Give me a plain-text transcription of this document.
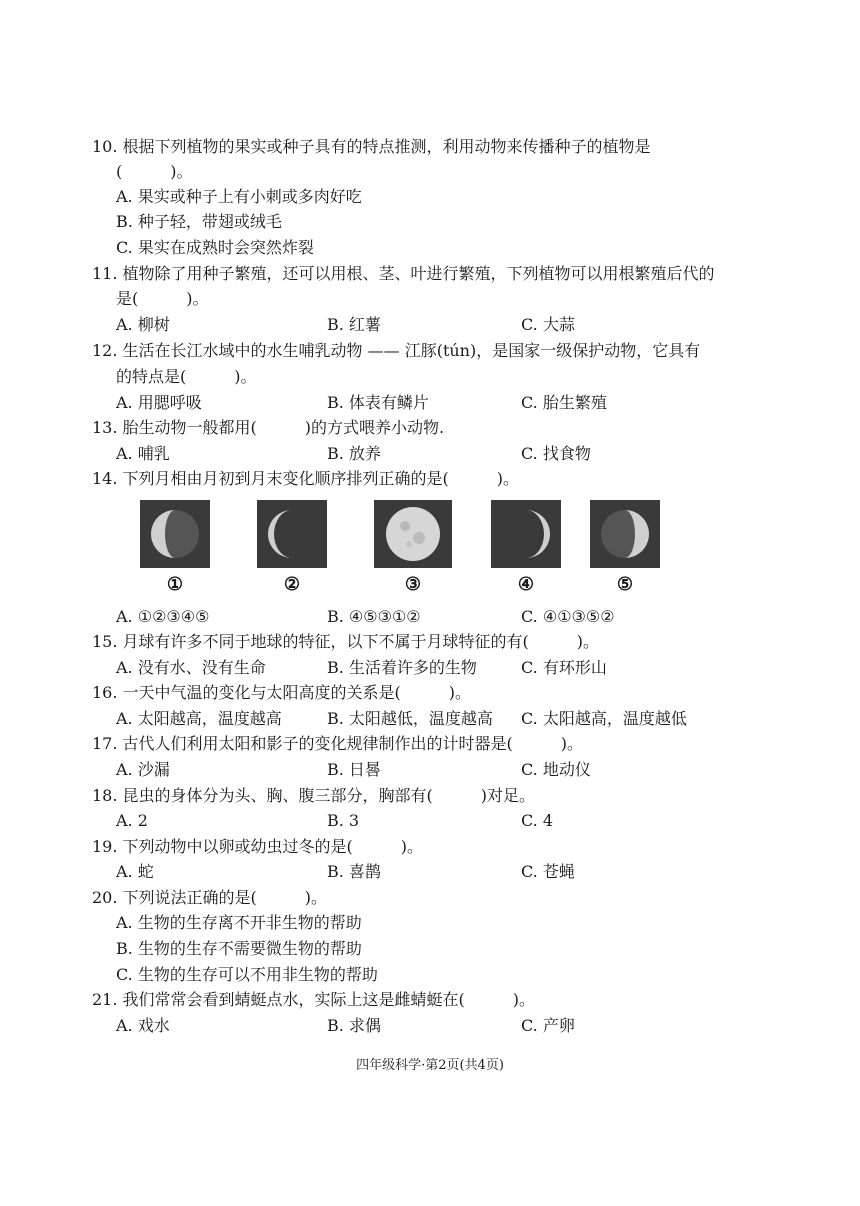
10. 根据下列植物的果实或种子具有的特点推测，利用动物来传播种子的植物是
(　　　)。
A. 果实或种子上有小刺或多肉好吃
B. 种子轻，带翅或绒毛
C. 果实在成熟时会突然炸裂
11. 植物除了用种子繁殖，还可以用根、茎、叶进行繁殖，下列植物可以用根繁殖后代的
是(　　　)。
A. 柳树	B. 红薯	C. 大蒜
12. 生活在长江水域中的水生哺乳动物 —— 江豚(tún)，是国家一级保护动物，它具有
的特点是(　　　)。
A. 用腮呼吸	B. 体表有鳞片	C. 胎生繁殖
13. 胎生动物一般都用(　　　)的方式喂养小动物.
A. 哺乳	B. 放养	C. 找食物
14. 下列月相由月初到月末变化顺序排列正确的是(　　　)。
①	②	③	④	⑤
A. ①②③④⑤	B. ④⑤③①②	C. ④①③⑤②
15. 月球有许多不同于地球的特征，以下不属于月球特征的有(　　　)。
A. 没有水、没有生命	B. 生活着许多的生物	C. 有环形山
16. 一天中气温的变化与太阳高度的关系是(　　　)。
A. 太阳越高，温度越高	B. 太阳越低，温度越高 C. 太阳越高，温度越低
17. 古代人们利用太阳和影子的变化规律制作出的计时器是(　　　)。
A. 沙漏	B. 日晷	C. 地动仪
18. 昆虫的身体分为头、胸、腹三部分，胸部有(　　　)对足。
A. 2	B. 3	C. 4
19. 下列动物中以卵或幼虫过冬的是(　　　)。
A. 蛇	B. 喜鹊	C. 苍蝇
20. 下列说法正确的是(　　　)。
A. 生物的生存离不开非生物的帮助
B. 生物的生存不需要微生物的帮助
C. 生物的生存可以不用非生物的帮助
21. 我们常常会看到蜻蜓点水，实际上这是雌蜻蜓在(　　　)。
A. 戏水	B. 求偶	C. 产卵
四年级科学·第2页(共4页)
